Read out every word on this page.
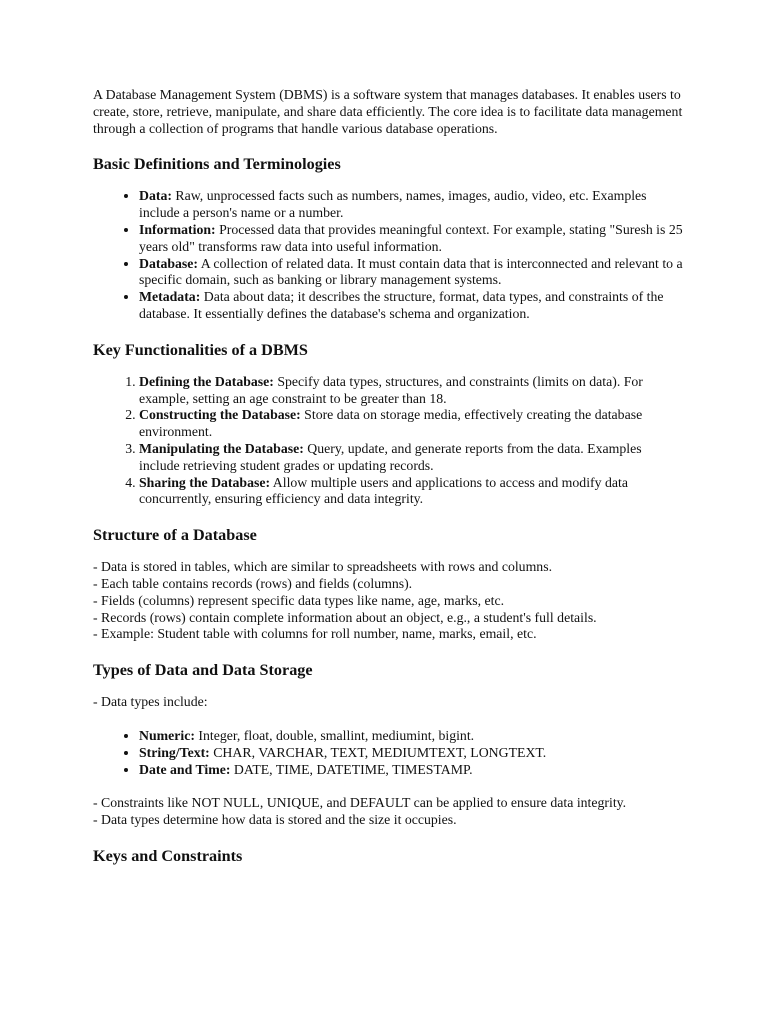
A Database Management System (DBMS) is a software system that manages databases. It enables users to create, store, retrieve, manipulate, and share data efficiently. The core idea is to facilitate data management through a collection of programs that handle various database operations.

Basic Definitions and Terminologies
• Data: Raw, unprocessed facts such as numbers, names, images, audio, video, etc. Examples include a person's name or a number.
• Information: Processed data that provides meaningful context. For example, stating "Suresh is 25 years old" transforms raw data into useful information.
• Database: A collection of related data. It must contain data that is interconnected and relevant to a specific domain, such as banking or library management systems.
• Metadata: Data about data; it describes the structure, format, data types, and constraints of the database. It essentially defines the database's schema and organization.
Key Functionalities of a DBMS
1. Defining the Database: Specify data types, structures, and constraints (limits on data). For example, setting an age constraint to be greater than 18.
2. Constructing the Database: Store data on storage media, effectively creating the database environment.
3. Manipulating the Database: Query, update, and generate reports from the data. Examples include retrieving student grades or updating records.
4. Sharing the Database: Allow multiple users and applications to access and modify data concurrently, ensuring efficiency and data integrity.
Structure of a Database

- Data is stored in tables, which are similar to spreadsheets with rows and columns.

- Each table contains records (rows) and fields (columns).

- Fields (columns) represent specific data types like name, age, marks, etc.

- Records (rows) contain complete information about an object, e.g., a student's full details.

- Example: Student table with columns for roll number, name, marks, email, etc.

Types of Data and Data Storage

- Data types include:

• Numeric: Integer, float, double, smallint, mediumint, bigint.
• String/Text: CHAR, VARCHAR, TEXT, MEDIUMTEXT, LONGTEXT.
• Date and Time: DATE, TIME, DATETIME, TIMESTAMP.

- Constraints like NOT NULL, UNIQUE, and DEFAULT can be applied to ensure data integrity.

- Data types determine how data is stored and the size it occupies.

Keys and Constraints
